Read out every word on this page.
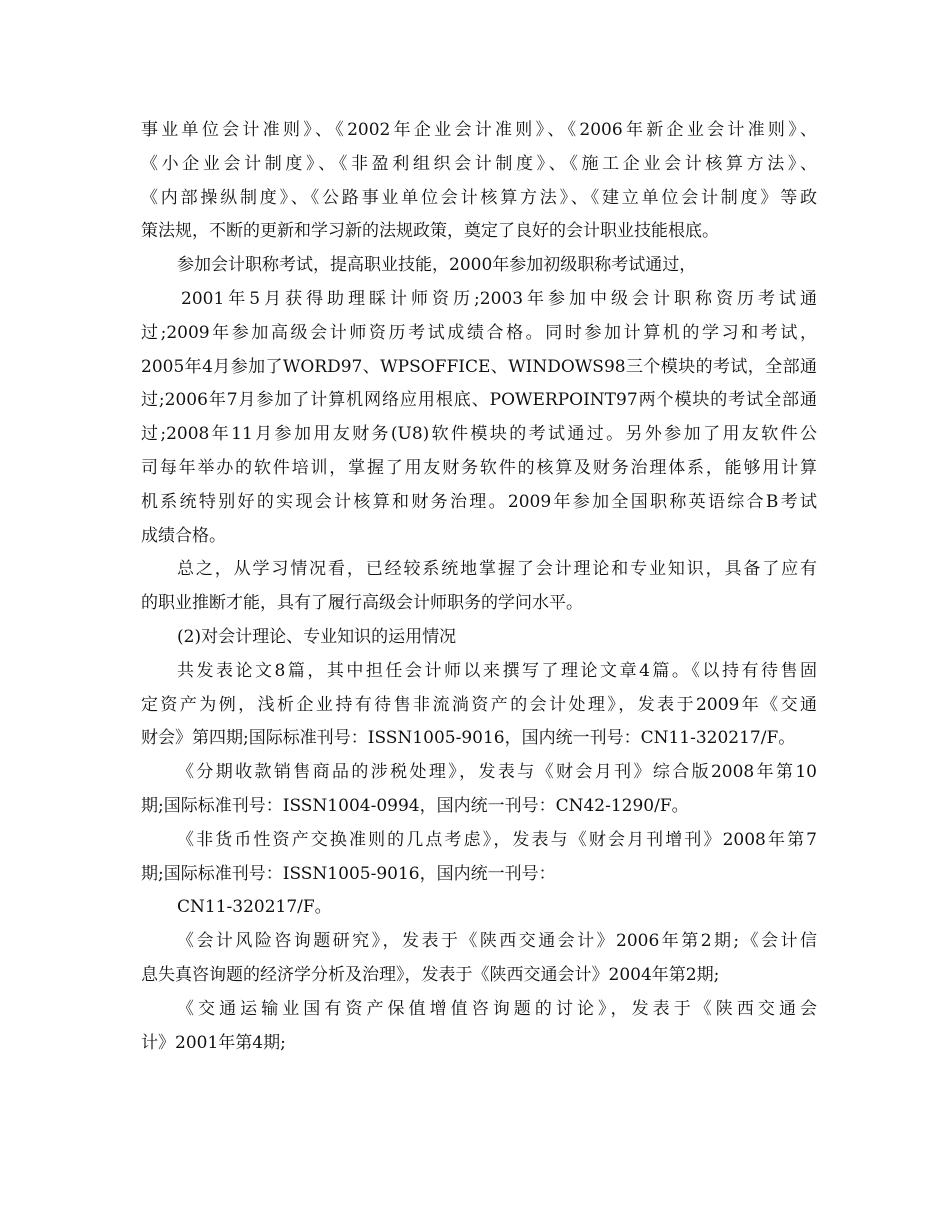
事业单位会计准则》、《2002年企业会计准则》、《2006年新企业会计准则》、
《小企业会计制度》、《非盈利组织会计制度》、《施工企业会计核算方法》、
《内部操纵制度》、《公路事业单位会计核算方法》、《建立单位会计制度》等政
策法规，不断的更新和学习新的法规政策，奠定了良好的会计职业技能根底。
参加会计职称考试，提高职业技能，2000年参加初级职称考试通过，
2001年5月获得助理睬计师资历;2003年参加中级会计职称资历考试通
过;2009年参加高级会计师资历考试成绩合格。同时参加计算机的学习和考试，
2005年4月参加了WORD97、WPSOFFICE、WINDOWS98三个模块的考试，全部通
过;2006年7月参加了计算机网络应用根底、POWERPOINT97两个模块的考试全部通
过;2008年11月参加用友财务(U8)软件模块的考试通过。另外参加了用友软件公
司每年举办的软件培训，掌握了用友财务软件的核算及财务治理体系，能够用计算
机系统特别好的实现会计核算和财务治理。2009年参加全国职称英语综合B考试
成绩合格。
总之，从学习情况看，已经较系统地掌握了会计理论和专业知识，具备了应有
的职业推断才能，具有了履行高级会计师职务的学问水平。
(2)对会计理论、专业知识的运用情况
共发表论文8篇，其中担任会计师以来撰写了理论文章4篇。《以持有待售固
定资产为例，浅析企业持有待售非流淌资产的会计处理》，发表于2009年《交通
财会》第四期;国际标准刊号：ISSN1005-9016，国内统一刊号：CN11-320217/F。
《分期收款销售商品的涉税处理》，发表与《财会月刊》综合版2008年第10
期;国际标准刊号：ISSN1004-0994，国内统一刊号：CN42-1290/F。
《非货币性资产交换准则的几点考虑》，发表与《财会月刊增刊》2008年第7
期;国际标准刊号：ISSN1005-9016，国内统一刊号：
CN11-320217/F。
《会计风险咨询题研究》，发表于《陕西交通会计》2006年第2期;《会计信
息失真咨询题的经济学分析及治理》，发表于《陕西交通会计》2004年第2期;
《交通运输业国有资产保值增值咨询题的讨论》，发表于《陕西交通会
计》2001年第4期;
